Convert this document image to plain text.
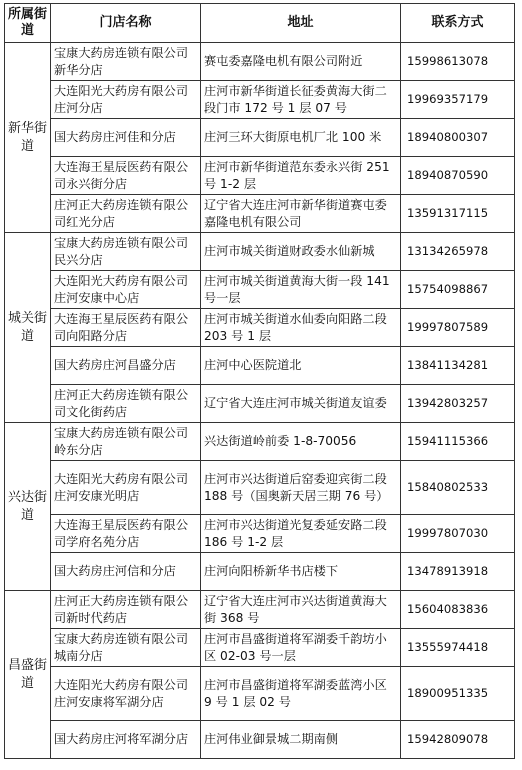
所属街道	门店名称	地址	联系方式
新华街道	宝康大药房连锁有限公司新华分店	赛屯委嘉隆电机有限公司附近	15998613078
	大连阳光大药房有限公司庄河分店	庄河市新华街道长征委黄海大街二段门市 172 号 1 层 07 号	19969357179
	国大药房庄河佳和分店	庄河三环大街原电机厂北 100 米	18940800307
	大连海王星辰医药有限公司永兴街分店	庄河市新华街道范东委永兴街 251 号 1-2 层	18940870590
	庄河正大药房连锁有限公司红光分店	辽宁省大连庄河市新华街道赛屯委嘉隆电机有限公司	13591317115
城关街道	宝康大药房连锁有限公司民兴分店	庄河市城关街道财政委水仙新城	13134265978
	大连阳光大药房有限公司庄河安康中心店	庄河市城关街道黄海大街一段 141 号一层	15754098867
	大连海王星辰医药有限公司向阳路分店	庄河市城关街道水仙委向阳路二段 203 号 1 层	19997807589
	国大药房庄河昌盛分店	庄河中心医院道北	13841134281
	庄河正大药房连锁有限公司文化街药店	辽宁省大连庄河市城关街道友谊委	13942803257
兴达街道	宝康大药房连锁有限公司岭东分店	兴达街道岭前委 1-8-70056	15941115366
	大连阳光大药房有限公司庄河安康光明店	庄河市兴达街道后窑委迎宾街二段 188 号（国奥新天居三期 76 号）	15840802533
	大连海王星辰医药有限公司学府名苑分店	庄河市兴达街道光复委延安路二段 186 号 1-2 层	19997807030
	国大药房庄河信和分店	庄河向阳桥新华书店楼下	13478913918
昌盛街道	庄河正大药房连锁有限公司新时代药店	辽宁省大连庄河市兴达街道黄海大街 368 号	15604083836
	宝康大药房连锁有限公司城南分店	庄河市昌盛街道将军湖委千韵坊小区 02-03 号一层	13555974418
	大连阳光大药房有限公司庄河安康将军湖分店	庄河市昌盛街道将军湖委蓝湾小区 9 号 1 层 02 号	18900951335
	国大药房庄河将军湖分店	庄河伟业御景城二期南侧	15942809078
